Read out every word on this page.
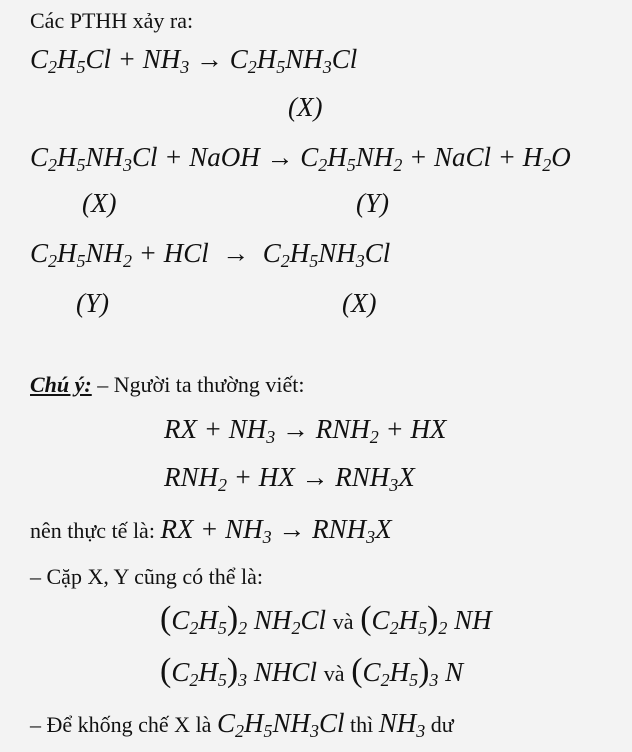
Các PTHH xảy ra:
$C_2H_5Cl + NH_3 \to C_2H_5NH_3Cl$
(X)
$C_2H_5NH_3Cl$ + NaOH → $C_2H_5NH_2$ + NaCl + $H_2O$
(X)	(Y)
$C_2H_5NH_2$ + HCl → $C_2H_5NH_3Cl$
(Y)	(X)
Chú ý: – Người ta thường viết:
RX + $NH_3 \to RNH_2$ + HX
$RNH_2$ + HX → $RNH_3X$
nên thực tế là: RX + $NH_3 \to RNH_3X$
– Cặp X, Y cũng có thể là:
$(C_2H_5)_2$ $NH_2Cl$ và $(C_2H_5)_2$ NH
$(C_2H_5)_3$ NHCl và $(C_2H_5)_3$ N
– Để khống chế X là $C_2H_5NH_3Cl$ thì $NH_3$ dư
